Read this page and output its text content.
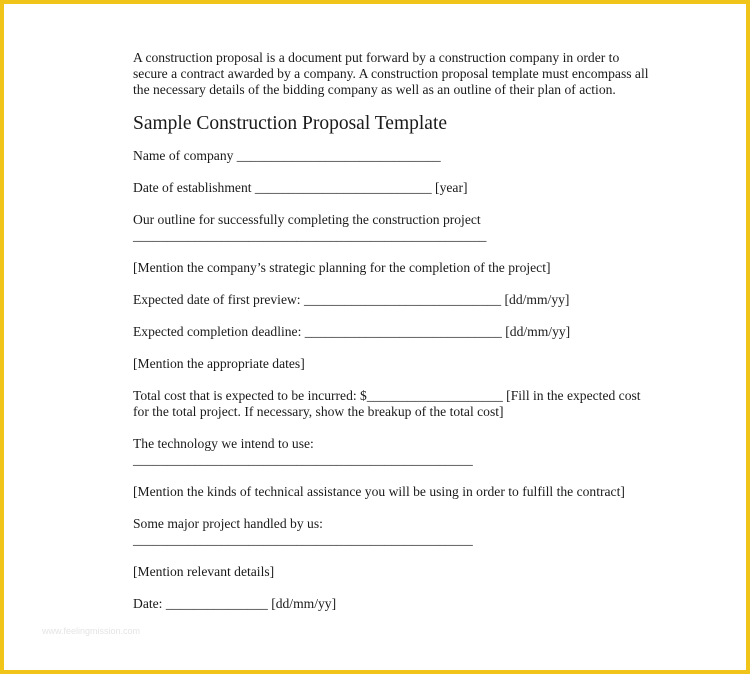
A construction proposal is a document put forward by a construction company in order to secure a contract awarded by a company. A construction proposal template must encompass all the necessary details of the bidding company as well as an outline of their plan of action.

Sample Construction Proposal Template

Name of company ______________________________

Date of establishment __________________________ [year]

Our outline for successfully completing the construction project

____________________________________________________

[Mention the company’s strategic planning for the completion of the project]

Expected date of first preview: _____________________________ [dd/mm/yy]

Expected completion deadline: _____________________________ [dd/mm/yy]

[Mention the appropriate dates]

Total cost that is expected to be incurred: $____________________ [Fill in the expected cost for the total project. If necessary, show the breakup of the total cost]

The technology we intend to use:

__________________________________________________

[Mention the kinds of technical assistance you will be using in order to fulfill the contract]

Some major project handled by us:

__________________________________________________

[Mention relevant details]

Date: _______________ [dd/mm/yy]

www.feelingmission.com
